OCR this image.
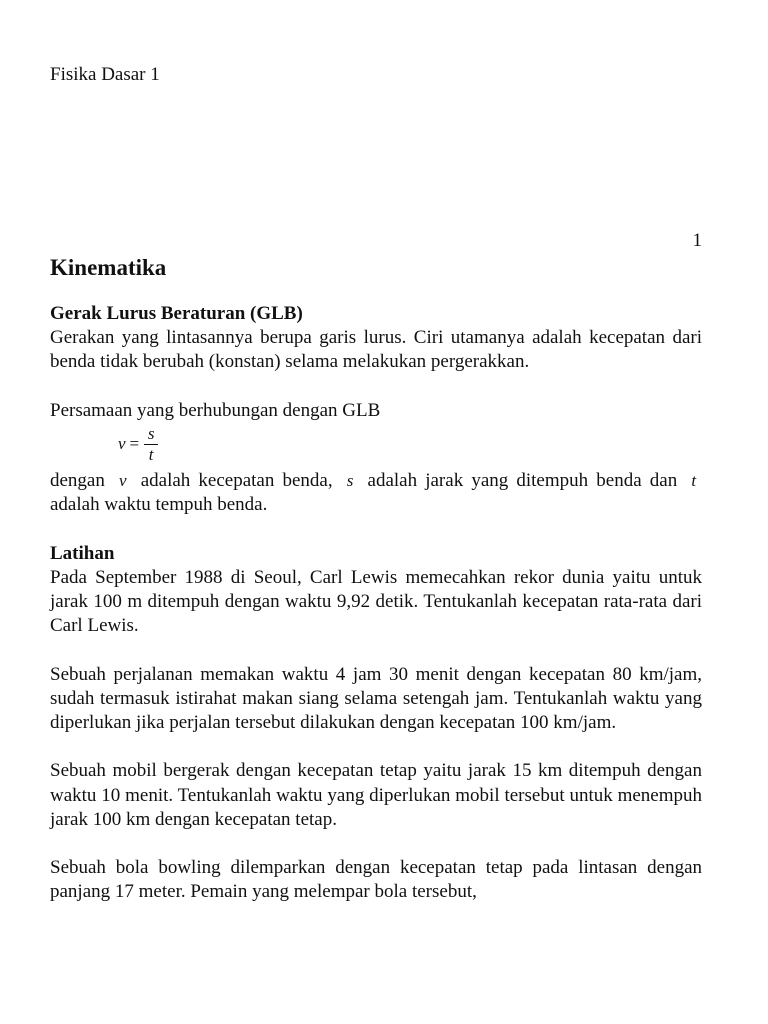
Fisika Dasar 1
1
Kinematika
Gerak Lurus Beraturan (GLB)

Gerakan yang lintasannya berupa garis lurus. Ciri utamanya adalah kecepatan dari benda tidak berubah (konstan) selama melakukan pergerakkan.

Persamaan yang berhubungan dengan GLB

$v = \frac{s}{t}$

dengan v adalah kecepatan benda, s adalah jarak yang ditempuh benda dan t adalah waktu tempuh benda.

Latihan

Pada September 1988 di Seoul, Carl Lewis memecahkan rekor dunia yaitu untuk jarak 100 m ditempuh dengan waktu 9,92 detik. Tentukanlah kecepatan rata-rata dari Carl Lewis.

Sebuah perjalanan memakan waktu 4 jam 30 menit dengan kecepatan 80 km/jam, sudah termasuk istirahat makan siang selama setengah jam. Tentukanlah waktu yang diperlukan jika perjalan tersebut dilakukan dengan kecepatan 100 km/jam.

Sebuah mobil bergerak dengan kecepatan tetap yaitu jarak 15 km ditempuh dengan waktu 10 menit. Tentukanlah waktu yang diperlukan mobil tersebut untuk menempuh jarak 100 km dengan kecepatan tetap.

Sebuah bola bowling dilemparkan dengan kecepatan tetap pada lintasan dengan panjang 17 meter. Pemain yang melempar bola tersebut,
